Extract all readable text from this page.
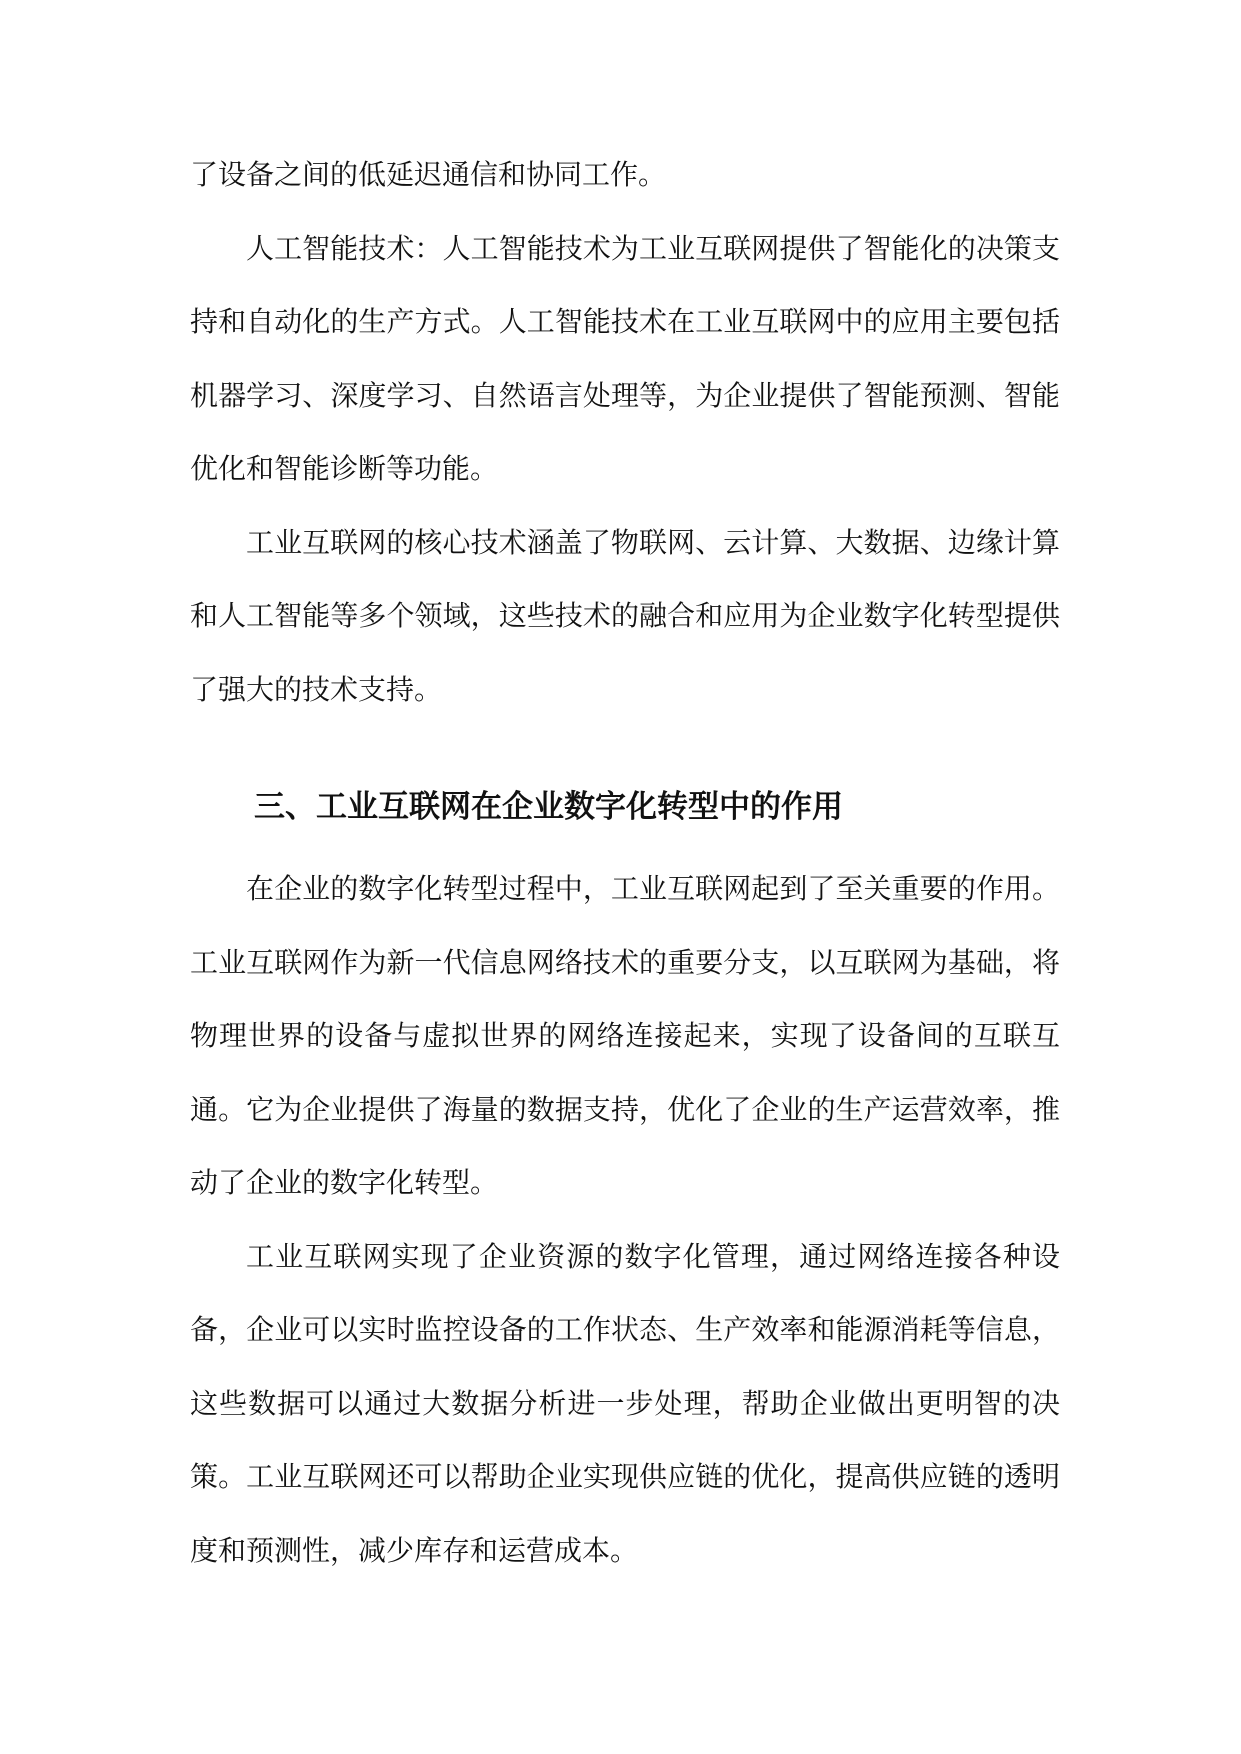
了设备之间的低延迟通信和协同工作。

人工智能技术：人工智能技术为工业互联网提供了智能化的决策支持和自动化的生产方式。人工智能技术在工业互联网中的应用主要包括机器学习、深度学习、自然语言处理等，为企业提供了智能预测、智能优化和智能诊断等功能。

工业互联网的核心技术涵盖了物联网、云计算、大数据、边缘计算和人工智能等多个领域，这些技术的融合和应用为企业数字化转型提供了强大的技术支持。

三、工业互联网在企业数字化转型中的作用

在企业的数字化转型过程中，工业互联网起到了至关重要的作用。工业互联网作为新一代信息网络技术的重要分支，以互联网为基础，将物理世界的设备与虚拟世界的网络连接起来，实现了设备间的互联互通。它为企业提供了海量的数据支持，优化了企业的生产运营效率，推动了企业的数字化转型。

工业互联网实现了企业资源的数字化管理，通过网络连接各种设备，企业可以实时监控设备的工作状态、生产效率和能源消耗等信息，这些数据可以通过大数据分析进一步处理，帮助企业做出更明智的决策。工业互联网还可以帮助企业实现供应链的优化，提高供应链的透明度和预测性，减少库存和运营成本。
